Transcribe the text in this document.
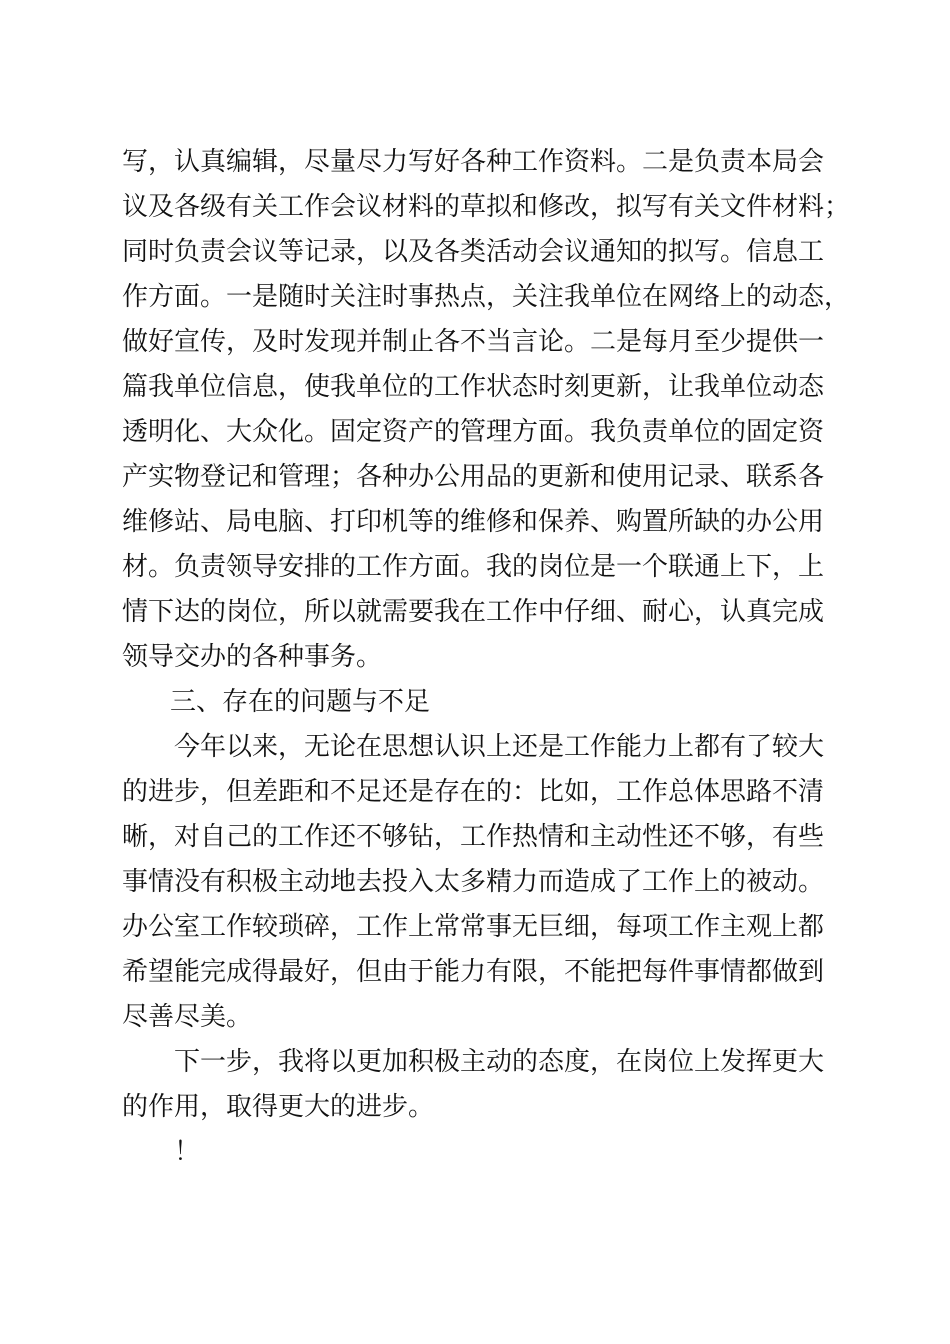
写，认真编辑，尽量尽力写好各种工作资料。二是负责本局会
议及各级有关工作会议材料的草拟和修改，拟写有关文件材料；
同时负责会议等记录，以及各类活动会议通知的拟写。信息工
作方面。一是随时关注时事热点，关注我单位在网络上的动态，
做好宣传，及时发现并制止各不当言论。二是每月至少提供一
篇我单位信息，使我单位的工作状态时刻更新，让我单位动态
透明化、大众化。固定资产的管理方面。我负责单位的固定资
产实物登记和管理；各种办公用品的更新和使用记录、联系各
维修站、局电脑、打印机等的维修和保养、购置所缺的办公用
材。负责领导安排的工作方面。我的岗位是一个联通上下，上
情下达的岗位，所以就需要我在工作中仔细、耐心，认真完成
领导交办的各种事务。
三、存在的问题与不足
今年以来，无论在思想认识上还是工作能力上都有了较大
的进步，但差距和不足还是存在的：比如，工作总体思路不清
晰，对自己的工作还不够钻，工作热情和主动性还不够，有些
事情没有积极主动地去投入太多精力而造成了工作上的被动。
办公室工作较琐碎，工作上常常事无巨细，每项工作主观上都
希望能完成得最好，但由于能力有限，不能把每件事情都做到
尽善尽美。
下一步，我将以更加积极主动的态度，在岗位上发挥更大
的作用，取得更大的进步。
！
